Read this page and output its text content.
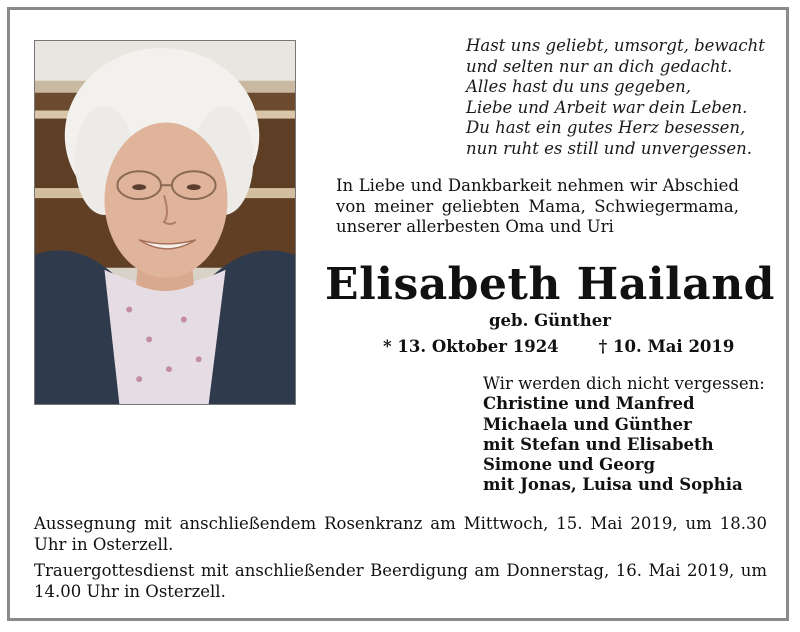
Hast uns geliebt, umsorgt, bewacht
und selten nur an dich gedacht.
Alles hast du uns gegeben,
Liebe und Arbeit war dein Leben.
Du hast ein gutes Herz besessen,
nun ruht es still und unvergessen.
In Liebe und Dankbarkeit nehmen wir Abschied von meiner geliebten Mama, Schwiegermama, unserer allerbesten Oma und Uri
Elisabeth Hailand
geb. Günther
* 13. Oktober 1924 † 10. Mai 2019
Wir werden dich nicht vergessen:
Christine und Manfred
Michaela und Günther
mit Stefan und Elisabeth
Simone und Georg
mit Jonas, Luisa und Sophia
Aussegnung mit anschließendem Rosenkranz am Mittwoch, 15. Mai 2019, um 18.30 Uhr in Osterzell.
Trauergottesdienst mit anschließender Beerdigung am Donnerstag, 16. Mai 2019, um 14.00 Uhr in Osterzell.
